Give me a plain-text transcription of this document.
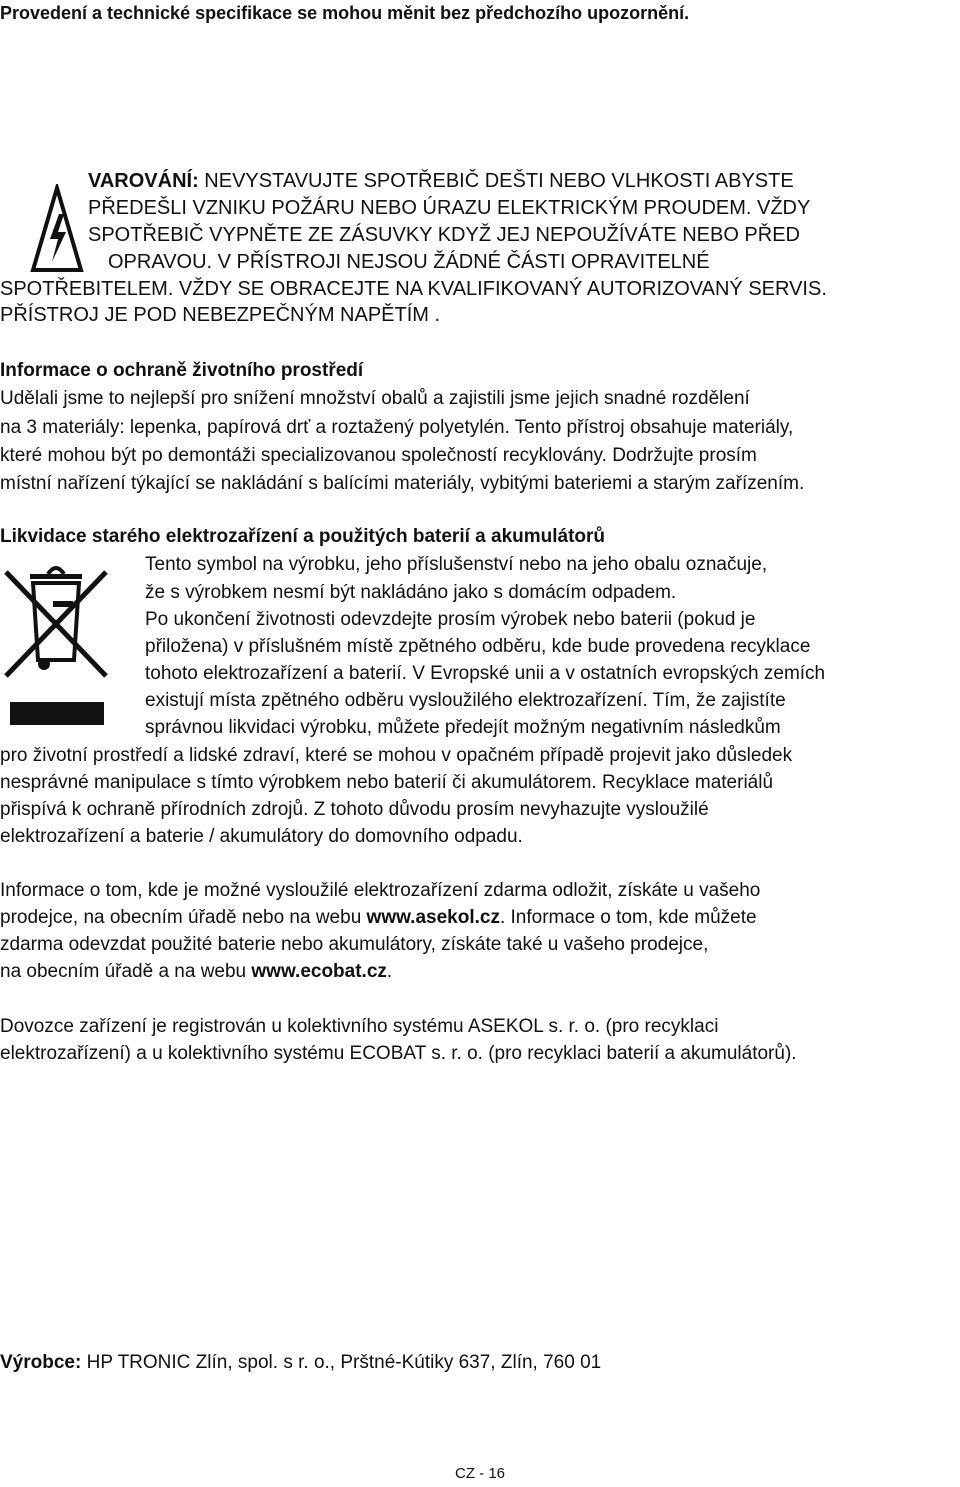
Provedení a technické specifikace se mohou měnit bez předchozího upozornění.
VAROVÁNÍ: NEVYSTAVUJTE SPOTŘEBIČ DEŠTI NEBO VLHKOSTI ABYSTE
PŘEDEŠLI VZNIKU POŽÁRU NEBO ÚRAZU ELEKTRICKÝM PROUDEM. VŽDY
SPOTŘEBIČ VYPNĚTE ZE ZÁSUVKY KDYŽ JEJ NEPOUŽÍVÁTE NEBO PŘED
OPRAVOU. V PŘÍSTROJI NEJSOU ŽÁDNÉ ČÁSTI OPRAVITELNÉ
SPOTŘEBITELEM. VŽDY SE OBRACEJTE NA KVALIFIKOVANÝ AUTORIZOVANÝ SERVIS.
PŘÍSTROJ JE POD NEBEZPEČNÝM NAPĚTÍM .
Informace o ochraně životního prostředí
Udělali jsme to nejlepší pro snížení množství obalů a zajistili jsme jejich snadné rozdělení
na 3 materiály: lepenka, papírová drť a roztažený polyetylén. Tento přístroj obsahuje materiály,
které mohou být po demontáži specializovanou společností recyklovány. Dodržujte prosím
místní nařízení týkající se nakládání s balícími materiály, vybitými bateriemi a starým zařízením.
Likvidace starého elektrozařízení a použitých baterií a akumulátorů
Tento symbol na výrobku, jeho příslušenství nebo na jeho obalu označuje,
že s výrobkem nesmí být nakládáno jako s domácím odpadem.
Po ukončení životnosti odevzdejte prosím výrobek nebo baterii (pokud je
přiložena) v příslušném místě zpětného odběru, kde bude provedena recyklace
tohoto elektrozařízení a baterií. V Evropské unii a v ostatních evropských zemích
existují místa zpětného odběru vysloužilého elektrozařízení. Tím, že zajistíte
správnou likvidaci výrobku, můžete předejít možným negativním následkům
pro životní prostředí a lidské zdraví, které se mohou v opačném případě projevit jako důsledek
nesprávné manipulace s tímto výrobkem nebo baterií či akumulátorem. Recyklace materiálů
přispívá k ochraně přírodních zdrojů. Z tohoto důvodu prosím nevyhazujte vysloužilé
elektrozařízení a baterie / akumulátory do domovního odpadu.
Informace o tom, kde je možné vysloužilé elektrozařízení zdarma odložit, získáte u vašeho
prodejce, na obecním úřadě nebo na webu www.asekol.cz. Informace o tom, kde můžete
zdarma odevzdat použité baterie nebo akumulátory, získáte také u vašeho prodejce,
na obecním úřadě a na webu www.ecobat.cz.
Dovozce zařízení je registrován u kolektivního systému ASEKOL s. r. o. (pro recyklaci
elektrozařízení) a u kolektivního systému ECOBAT s. r. o. (pro recyklaci baterií a akumulátorů).
Výrobce: HP TRONIC Zlín, spol. s r. o., Prštné-Kútiky 637, Zlín, 760 01
CZ - 16
